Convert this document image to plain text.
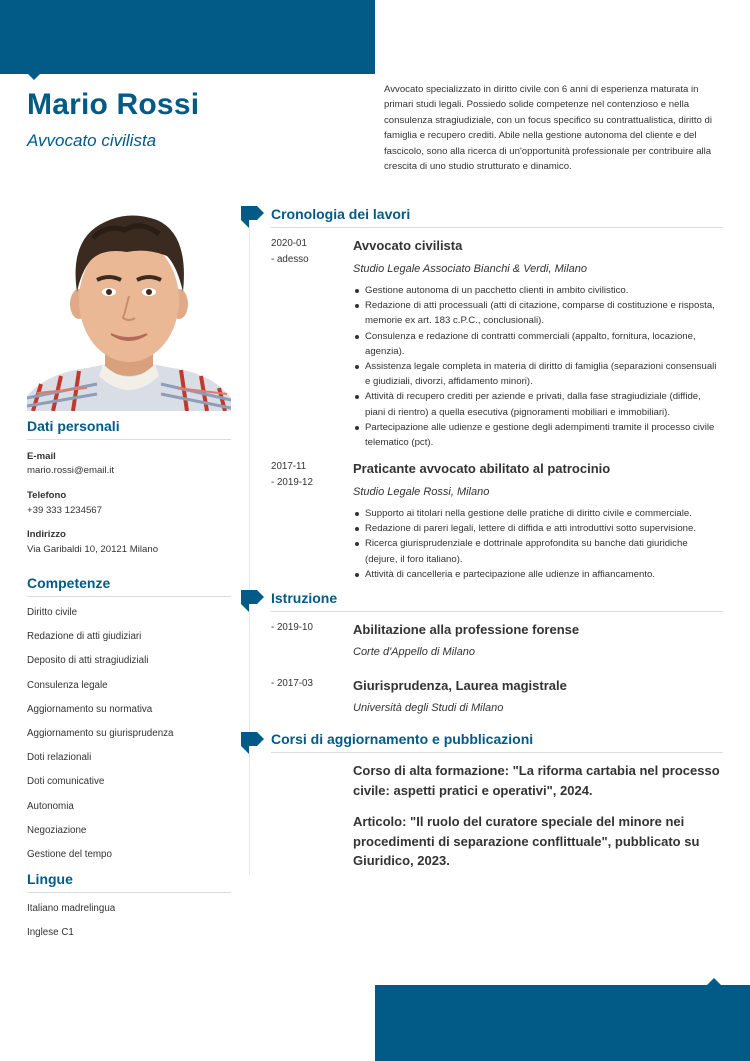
Mario Rossi
Avvocato civilista
Avvocato specializzato in diritto civile con 6 anni di esperienza maturata in primari studi legali. Possiedo solide competenze nel contenzioso e nella consulenza stragiudiziale, con un focus specifico su contrattualistica, diritto di famiglia e recupero crediti. Abile nella gestione autonoma del cliente e del fascicolo, sono alla ricerca di un'opportunità professionale per contribuire alla crescita di uno studio strutturato e dinamico.
Dati personali
E-mail
mario.rossi@email.it
Telefono
+39 333 1234567
Indirizzo
Via Garibaldi 10, 20121 Milano
Competenze
Diritto civile
Redazione di atti giudiziari
Deposito di atti stragiudiziali
Consulenza legale
Aggiornamento su normativa
Aggiornamento su giurisprudenza
Doti relazionali
Doti comunicative
Autonomia
Negoziazione
Gestione del tempo
Lingue
Italiano madrelingua
Inglese C1
Cronologia dei lavori
2020-01
- adesso
Avvocato civilista
Studio Legale Associato Bianchi & Verdi, Milano
Gestione autonoma di un pacchetto clienti in ambito civilistico.
Redazione di atti processuali (atti di citazione, comparse di costituzione e risposta, memorie ex art. 183 c.P.C., conclusionali).
Consulenza e redazione di contratti commerciali (appalto, fornitura, locazione, agenzia).
Assistenza legale completa in materia di diritto di famiglia (separazioni consensuali e giudiziali, divorzi, affidamento minori).
Attività di recupero crediti per aziende e privati, dalla fase stragiudiziale (diffide, piani di rientro) a quella esecutiva (pignoramenti mobiliari e immobiliari).
Partecipazione alle udienze e gestione degli adempimenti tramite il processo civile telematico (pct).
2017-11
- 2019-12
Praticante avvocato abilitato al patrocinio
Studio Legale Rossi, Milano
Supporto ai titolari nella gestione delle pratiche di diritto civile e commerciale.
Redazione di pareri legali, lettere di diffida e atti introduttivi sotto supervisione.
Ricerca giurisprudenziale e dottrinale approfondita su banche dati giuridiche (dejure, il foro italiano).
Attività di cancelleria e partecipazione alle udienze in affiancamento.
Istruzione
- 2019-10	Abilitazione alla professione forense
Corte d'Appello di Milano
- 2017-03	Giurisprudenza, Laurea magistrale
Università degli Studi di Milano
Corsi di aggiornamento e pubblicazioni
Corso di alta formazione: "La riforma cartabia nel processo civile: aspetti pratici e operativi", 2024.
Articolo: "Il ruolo del curatore speciale del minore nei procedimenti di separazione conflittuale", pubblicato su Giuridico, 2023.
